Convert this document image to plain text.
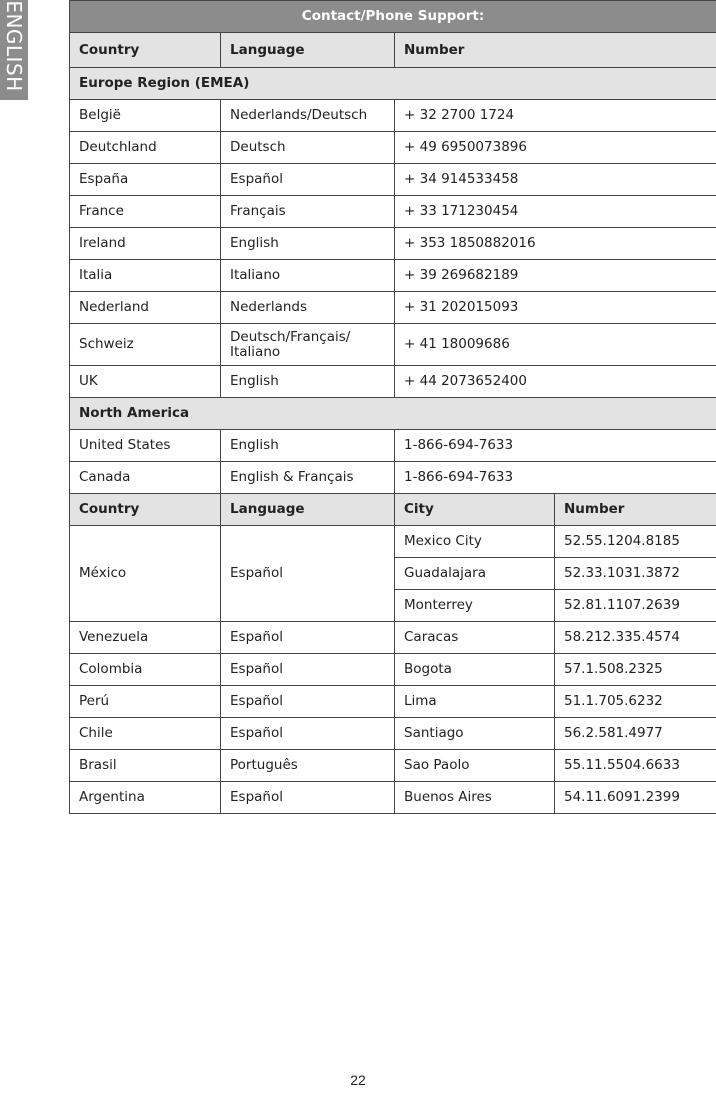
ENGLISH	Contact/Phone Support:			
Country	Language	Number	
Europe Region (EMEA)			
België	Nederlands/Deutsch	+ 32 2700 1724	
Deutchland	Deutsch	+ 49 6950073896	
España	Español	+ 34 914533458	
France	Français	+ 33 171230454	
Ireland	English	+ 353 1850882016	
Italia	Italiano	+ 39 269682189	
Nederland	Nederlands	+ 31 202015093	
Schweiz	Deutsch/Français/ Italiano	+ 41 18009686	
UK	English	+ 44 2073652400	
North America			
United States	English	1-866-694-7633	
Canada	English & Français	1-866-694-7633	
Country	Language	City	Number
México	Español	Mexico City	52.55.1204.8185
		Guadalajara	52.33.1031.3872
		Monterrey	52.81.1107.2639
Venezuela	Español	Caracas	58.212.335.4574
Colombia	Español	Bogota	57.1.508.2325
Perú	Español	Lima	51.1.705.6232
Chile	Español	Santiago	56.2.581.4977
Brasil	Português	Sao Paolo	55.11.5504.6633
Argentina	Español	Buenos Aires	54.11.6091.2399
22
